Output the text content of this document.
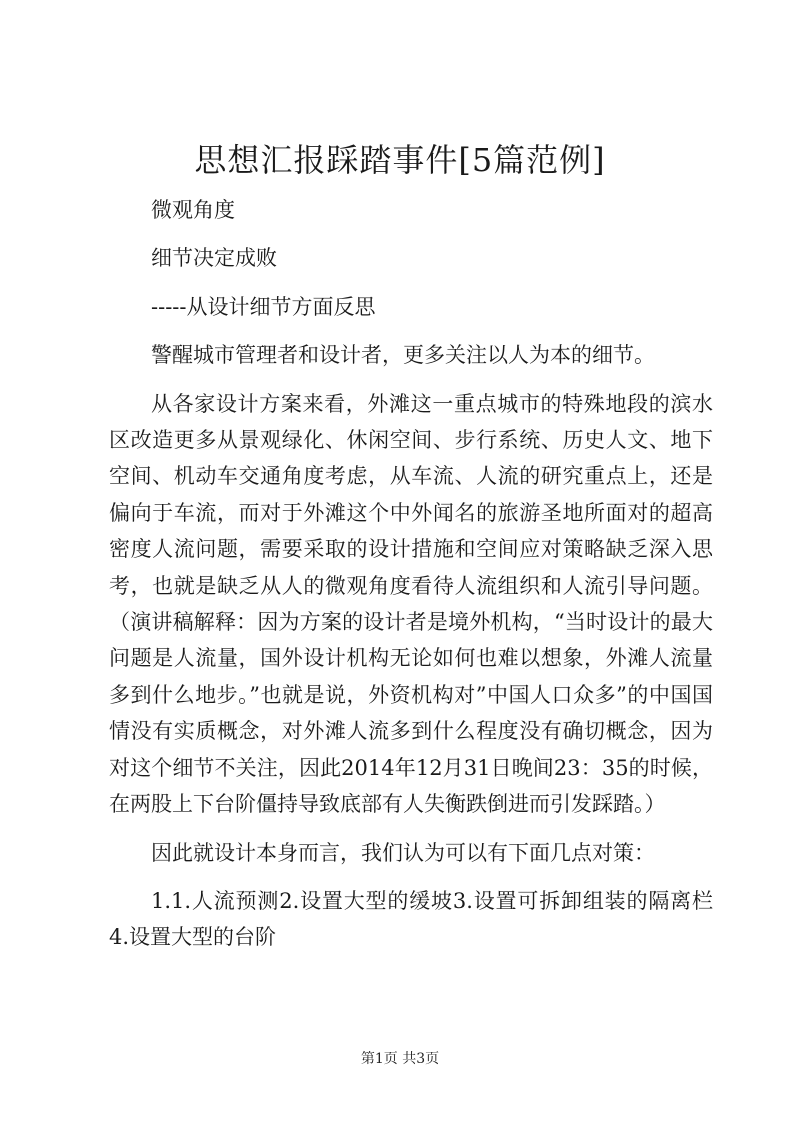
思想汇报踩踏事件[5篇范例]

微观角度

细节决定成败

-----从设计细节方面反思

警醒城市管理者和设计者，更多关注以人为本的细节。

从各家设计方案来看，外滩这一重点城市的特殊地段的滨水区改造更多从景观绿化、休闲空间、步行系统、历史人文、地下空间、机动车交通角度考虑，从车流、人流的研究重点上，还是偏向于车流，而对于外滩这个中外闻名的旅游圣地所面对的超高密度人流问题，需要采取的设计措施和空间应对策略缺乏深入思考，也就是缺乏从人的微观角度看待人流组织和人流引导问题。（演讲稿解释：因为方案的设计者是境外机构，“当时设计的最大问题是人流量，国外设计机构无论如何也难以想象，外滩人流量多到什么地步。”也就是说，外资机构对”中国人口众多”的中国国情没有实质概念，对外滩人流多到什么程度没有确切概念，因为对这个细节不关注，因此2014年12月31日晚间23：35的时候，在两股上下台阶僵持导致底部有人失衡跌倒进而引发踩踏。）

因此就设计本身而言，我们认为可以有下面几点对策：

1.1.人流预测2.设置大型的缓坡3.设置可拆卸组装的隔离栏4.设置大型的台阶

第1页 共3页
